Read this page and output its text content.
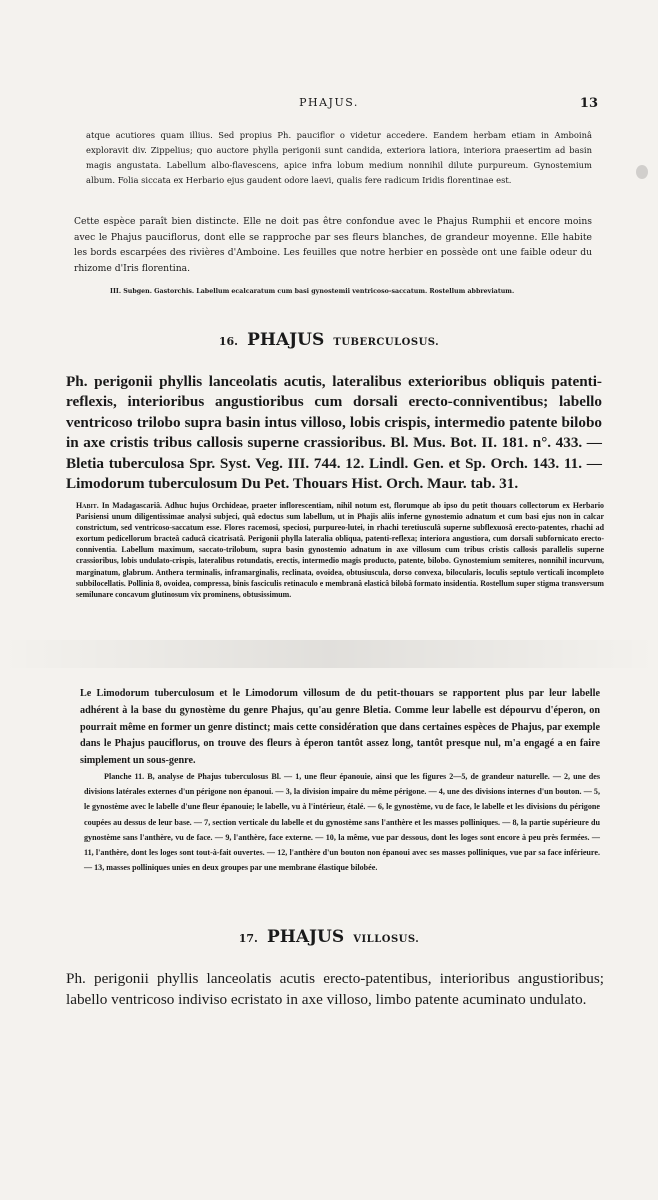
PHAJUS.	13
atque acutiores quam illius. Sed propius Ph. pauciflor o videtur accedere. Eandem herbam etiam in Amboinâ exploravit div. Zippelius; quo auctore phylla perigonii sunt candida, exteriora latiora, interiora praesertim ad basin magis angustata. Labellum albo-flavescens, apice infra lobum medium nonnihil dilute purpureum. Gynostemium album. Folia siccata ex Herbario ejus gaudent odore laevi, qualis fere radicum Iridis florentinae est.
Cette espèce paraît bien distincte. Elle ne doit pas être confondue avec le Phajus Rumphii et encore moins avec le Phajus pauciflorus, dont elle se rapproche par ses fleurs blanches, de grandeur moyenne. Elle habite les bords escarpées des rivières d'Amboine. Les feuilles que notre herbier en possède ont une faible odeur du rhizome d'Iris florentina.
III. Subgen. Gastorchis. Labellum ecalcaratum cum basi gynostemii ventricoso-saccatum. Rostellum abbreviatum.
16. PHAJUS TUBERCULOSUS.
Ph. perigonii phyllis lanceolatis acutis, lateralibus exterioribus obliquis patenti-reflexis, interioribus angustioribus cum dorsali erecto-conniventibus; labello ventricoso trilobo supra basin intus villoso, lobis crispis, intermedio patente bilobo in axe cristis tribus callosis superne crassioribus. Bl. Mus. Bot. II. 181. n°. 433. — Bletia tuberculosa Spr. Syst. Veg. III. 744. 12. Lindl. Gen. et Sp. Orch. 143. 11. — Limodorum tuberculosum Du Pet. Thouars Hist. Orch. Maur. tab. 31.
Habit. In Madagascariâ. Adhuc hujus Orchideae, praeter inflorescentiam, nihil notum est, florumque ab ipso du petit thouars collectorum ex Herbario Parisiensi unum diligentissimae analysi subjeci, quâ edoctus sum labellum, ut in Phajis aliis inferne gynostemio adnatum et cum basi ejus non in calcar constrictum, sed ventricoso-saccatum esse. Flores racemosi, speciosi, purpureo-lutei, in rhachi teretiusculâ superne subflexuosâ erecto-patentes, rhachi ad exortum pedicellorum bracteâ caducâ cicatrisatâ. Perigonii phylla lateralia obliqua, patenti-reflexa; interiora angustiora, cum dorsali subfornicato erecto-conniventia. Labellum maximum, saccato-trilobum, supra basin gynostemio adnatum in axe villosum cum tribus cristis callosis parallelis superne crassioribus, lobis undulato-crispis, lateralibus rotundatis, erectis, intermedio magis producto, patente, bilobo. Gynostemium semiteres, nonnihil incurvum, marginatum, glabrum. Anthera terminalis, inframarginalis, reclinata, ovoidea, obtusiuscula, dorso convexa, bilocularis, loculis septulo verticali incompleto subbilocellatis. Pollinia 8, ovoidea, compressa, binis fasciculis retinaculo e membranâ elasticâ bilobâ formato insidentia. Rostellum super stigma transversum semilunare concavum glutinosum vix prominens, obtusissimum.
Le Limodorum tuberculosum et le Limodorum villosum de du petit-thouars se rapportent plus par leur labelle adhérent à la base du gynostème du genre Phajus, qu'au genre Bletia. Comme leur labelle est dépourvu d'éperon, on pourrait même en former un genre distinct; mais cette considération que dans certaines espèces de Phajus, par exemple dans le Phajus pauciflorus, on trouve des fleurs à éperon tantôt assez long, tantôt presque nul, m'a engagé a en faire simplement un sous-genre.
Planche 11. B, analyse de Phajus tuberculosus Bl. — 1, une fleur épanouie, ainsi que les figures 2—5, de grandeur naturelle. — 2, une des divisions latérales externes d'un périgone non épanoui. — 3, la division impaire du même périgone. — 4, une des divisions internes d'un bouton. — 5, le gynostème avec le labelle d'une fleur épanouie; le labelle, vu à l'intérieur, étalé. — 6, le gynostème, vu de face, le labelle et les divisions du périgone coupées au dessus de leur base. — 7, section verticale du labelle et du gynostème sans l'anthère et les masses polliniques. — 8, la partie supérieure du gynostème sans l'anthère, vu de face. — 9, l'anthère, face externe. — 10, la même, vue par dessous, dont les loges sont encore à peu près fermées. — 11, l'anthère, dont les loges sont tout-à-fait ouvertes. — 12, l'anthère d'un bouton non épanoui avec ses masses polliniques, vue par sa face inférieure. — 13, masses polliniques unies en deux groupes par une membrane élastique bilobée.
17. PHAJUS VILLOSUS.
Ph. perigonii phyllis lanceolatis acutis erecto-patentibus, interioribus angustioribus; labello ventricoso indiviso ecristato in axe villoso, limbo patente acuminato undulato.
